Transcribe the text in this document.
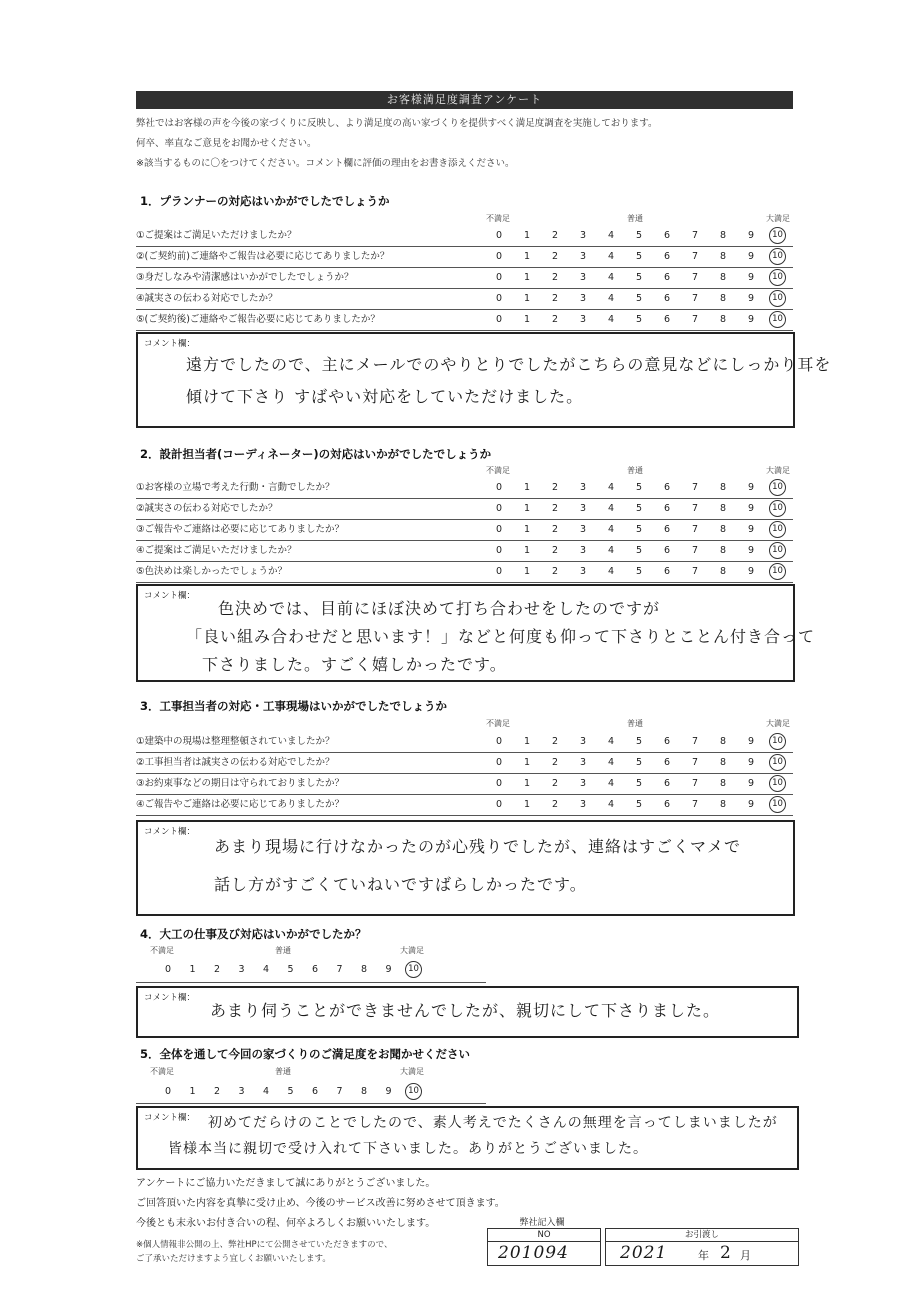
お客様満足度調査アンケート
弊社ではお客様の声を今後の家づくりに反映し、より満足度の高い家づくりを提供すべく満足度調査を実施しております。
何卒、率直なご意見をお聞かせください。
※該当するものに〇をつけてください。コメント欄に評価の理由をお書き添えください。
1．プランナーの対応はいかがでしたでしょうか
不満足	普通	大満足
①ご提案はご満足いただけましたか？	0	1	2	3	4	5	6	7	8	9	10
②(ご契約前)ご連絡やご報告は必要に応じてありましたか？	0	1	2	3	4	5	6	7	8	9	10
③身だしなみや清潔感はいかがでしたでしょうか？	0	1	2	3	4	5	6	7	8	9	10
④誠実さの伝わる対応でしたか？	0	1	2	3	4	5	6	7	8	9	10
⑤(ご契約後)ご連絡やご報告必要に応じてありましたか？	0	1	2	3	4	5	6	7	8	9	10
コメント欄：
遠方でしたので、主にメールでのやりとりでしたがこちらの意見などにしっかり耳を
傾けて下さり すばやい対応をしていただけました。
2．設計担当者(コーディネーター)の対応はいかがでしたでしょうか
不満足	普通	大満足
①お客様の立場で考えた行動・言動でしたか？	0	1	2	3	4	5	6	7	8	9	10
②誠実さの伝わる対応でしたか？	0	1	2	3	4	5	6	7	8	9	10
③ご報告やご連絡は必要に応じてありましたか？	0	1	2	3	4	5	6	7	8	9	10
④ご提案はご満足いただけましたか？	0	1	2	3	4	5	6	7	8	9	10
⑤色決めは楽しかったでしょうか？	0	1	2	3	4	5	6	7	8	9	10
コメント欄：
色決めでは、目前にほぼ決めて打ち合わせをしたのですが
「良い組み合わせだと思います！」などと何度も仰って下さりとことん付き合って
下さりました。すごく嬉しかったです。
3．工事担当者の対応・工事現場はいかがでしたでしょうか
不満足	普通	大満足
①建築中の現場は整理整頓されていましたか？	0	1	2	3	4	5	6	7	8	9	10
②工事担当者は誠実さの伝わる対応でしたか？	0	1	2	3	4	5	6	7	8	9	10
③お約束事などの期日は守られておりましたか？	0	1	2	3	4	5	6	7	8	9	10
④ご報告やご連絡は必要に応じてありましたか？	0	1	2	3	4	5	6	7	8	9	10
コメント欄：
あまり現場に行けなかったのが心残りでしたが、連絡はすごくマメで
話し方がすごくていねいですばらしかったです。
4．大工の仕事及び対応はいかがでしたか？
不満足	普通	大満足
0	1	2	3	4	5	6	7	8	9	10
コメント欄：
あまり伺うことができませんでしたが、親切にして下さりました。
5．全体を通して今回の家づくりのご満足度をお聞かせください
不満足	普通	大満足
0	1	2	3	4	5	6	7	8	9	10
コメント欄： 初めてだらけのことでしたので、素人考えでたくさんの無理を言ってしまいましたが
皆様本当に親切で受け入れて下さいました。ありがとうございました。
アンケートにご協力いただきまして誠にありがとうございました。
ご回答頂いた内容を真摯に受け止め、今後のサービス改善に努めさせて頂きます。
今後とも末永いお付き合いの程、何卒よろしくお願いいたします。
※個人情報非公開の上、弊社HPにて公開させていただきますので、
ご了承いただけますよう宜しくお願いいたします。
弊社記入欄
NO
201094
お引渡し
2021	年 2 月
